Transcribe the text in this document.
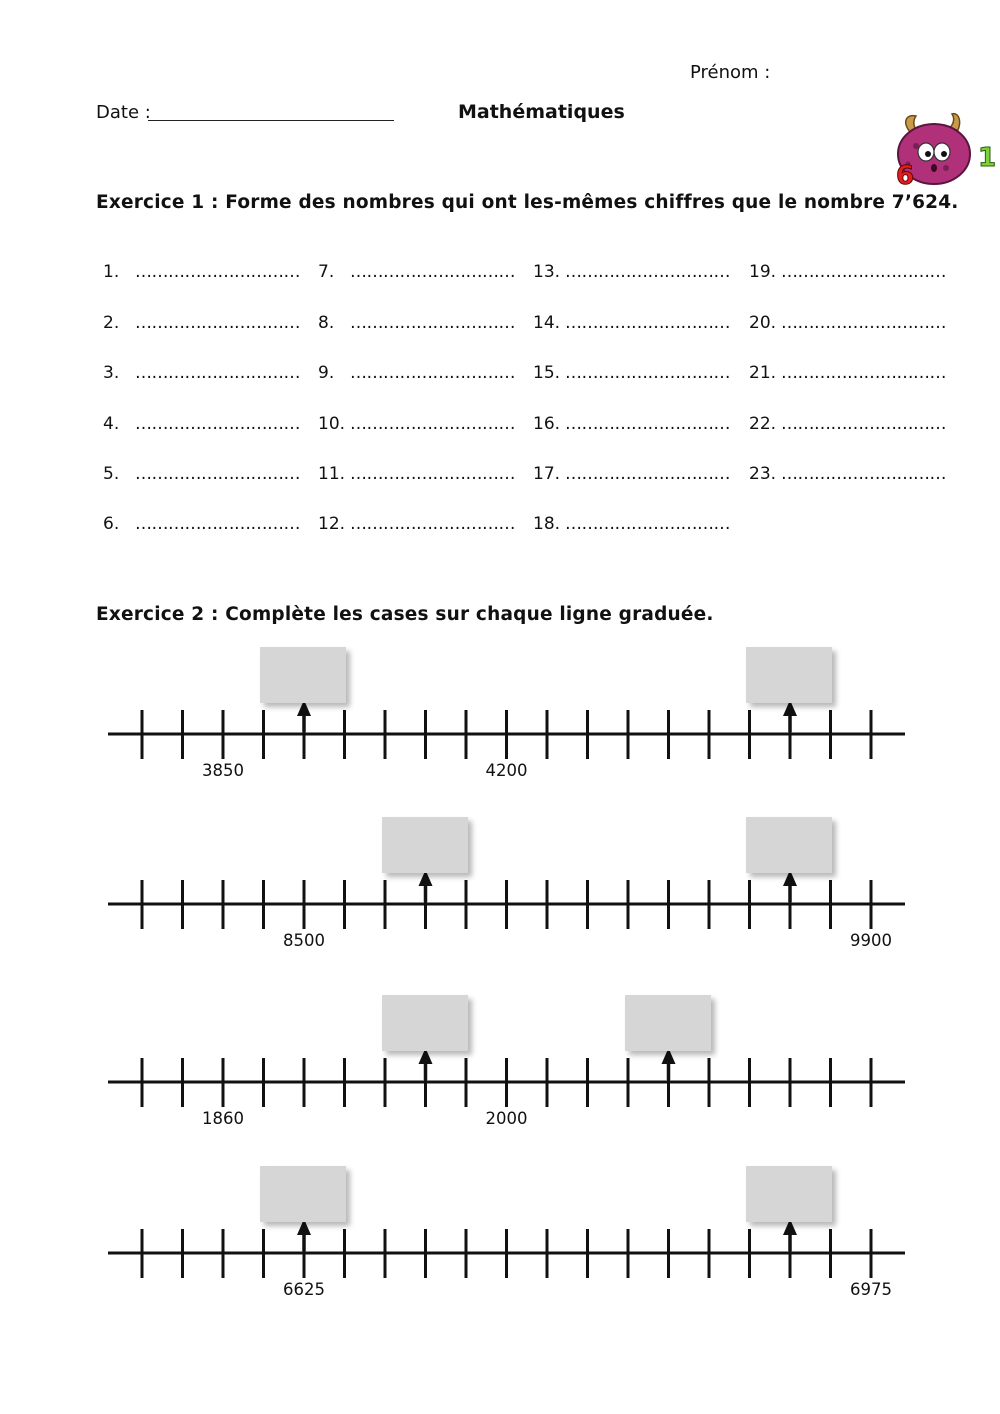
Prénom :
Date :	Mathématiques
6
1
Exercice 1 : Forme des nombres qui ont les-mêmes chiffres que le nombre 7’624.
1. …………………………
2. …………………………
3. …………………………
4. …………………………
5. …………………………
6. …………………………
7. …………………………
8. …………………………
9. …………………………
10. …………………………
11. …………………………
12. …………………………
13. …………………………
14. …………………………
15. …………………………
16. …………………………
17. …………………………
18. …………………………
19. …………………………
20. …………………………
21. …………………………
22. …………………………
23. …………………………
Exercice 2 : Complète les cases sur chaque ligne graduée.
3850	4200
8500	9900
1860	2000
6625	6975
